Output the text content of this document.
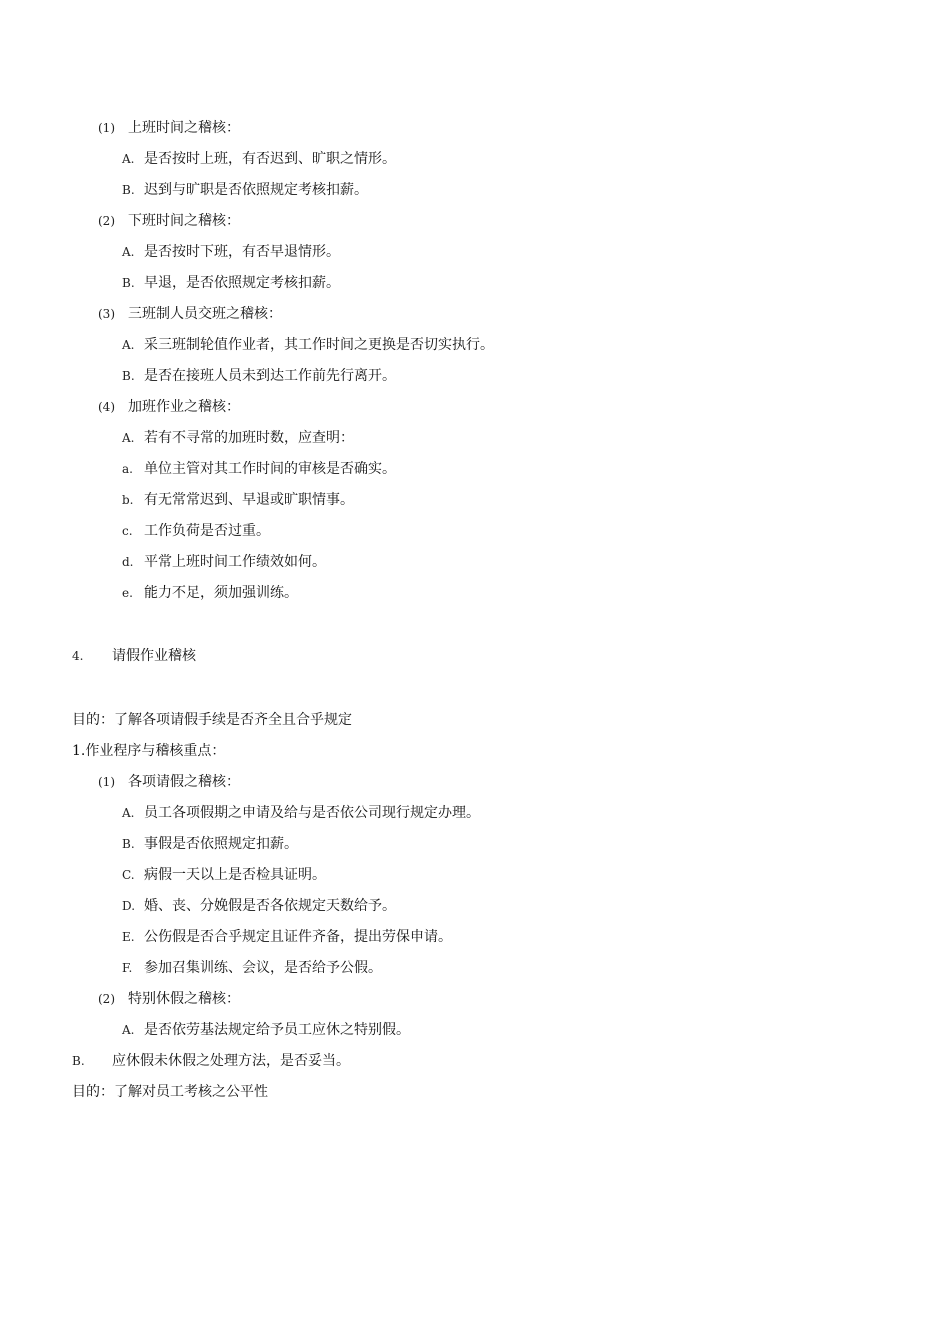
(1) 上班时间之稽核：
A. 是否按时上班，有否迟到、旷职之情形。
B. 迟到与旷职是否依照规定考核扣薪。
(2) 下班时间之稽核：
A. 是否按时下班，有否早退情形。
B. 早退，是否依照规定考核扣薪。
(3) 三班制人员交班之稽核：
A. 采三班制轮值作业者，其工作时间之更换是否切实执行。
B. 是否在接班人员未到达工作前先行离开。
(4) 加班作业之稽核：
A.若有不寻常的加班时数，应查明：
a. 单位主管对其工作时间的审核是否确实。
b. 有无常常迟到、早退或旷职情事。
c. 工作负荷是否过重。
d. 平常上班时间工作绩效如何。
e. 能力不足，须加强训练。
4. 请假作业稽核
目的：了解各项请假手续是否齐全且合乎规定
1.作业程序与稽核重点：
(1) 各项请假之稽核：
A. 员工各项假期之申请及给与是否依公司现行规定办理。
B. 事假是否依照规定扣薪。
C. 病假一天以上是否检具证明。
D. 婚、丧、分娩假是否各依规定天数给予。
E. 公伤假是否合乎规定且证件齐备，提出劳保申请。
F. 参加召集训练、会议，是否给予公假。
(2) 特别休假之稽核：
A.是否依劳基法规定给予员工应休之特别假。
B. 应休假未休假之处理方法，是否妥当。
目的：了解对员工考核之公平性
